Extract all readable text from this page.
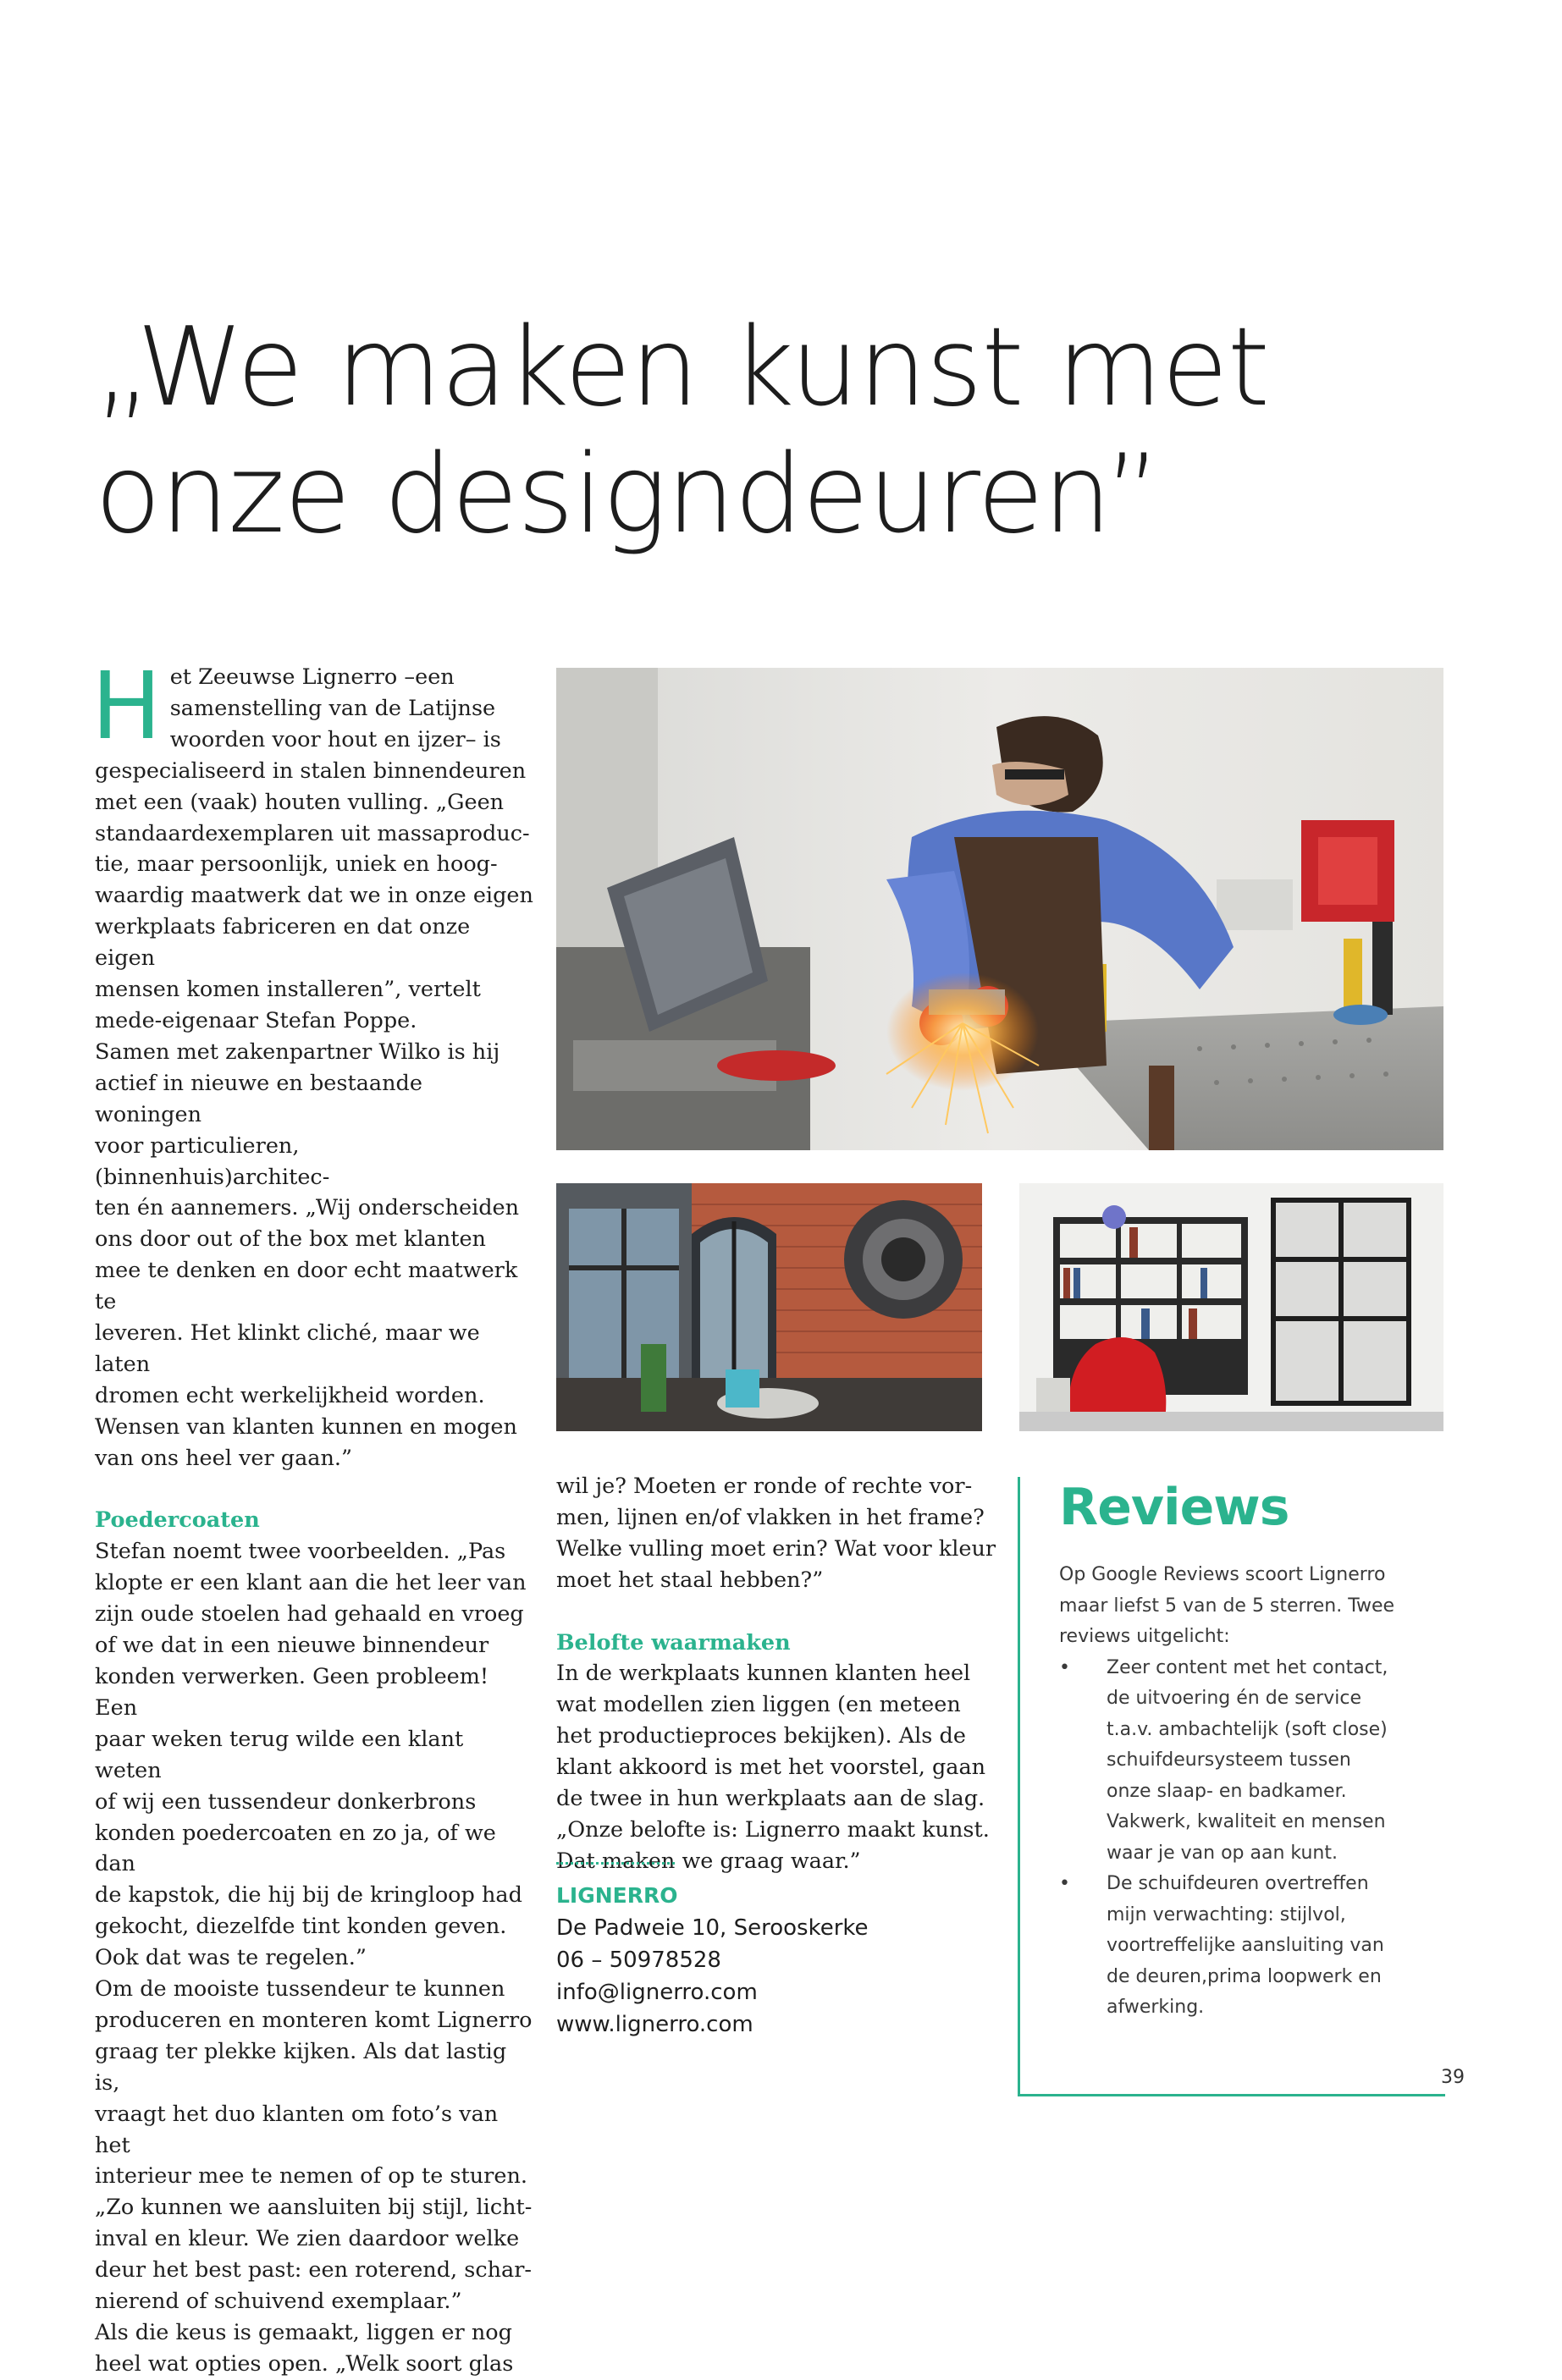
„We maken kunst met
onze designdeuren”
H et Zeeuwse Lignerro –een
samenstelling van de Latijnse
woorden voor hout en ijzer– is
gespecialiseerd in stalen binnendeuren
met een (vaak) houten vulling. „Geen
standaardexemplaren uit massaproduc-
tie, maar persoonlijk, uniek en hoog-
waardig maatwerk dat we in onze eigen
werkplaats fabriceren en dat onze eigen
mensen komen installeren”, vertelt
mede-eigenaar Stefan Poppe.
Samen met zakenpartner Wilko is hij
actief in nieuwe en bestaande woningen
voor particulieren, (binnenhuis)architec-
ten én aannemers. „Wij onderscheiden
ons door out of the box met klanten
mee te denken en door echt maatwerk te
leveren. Het klinkt cliché, maar we laten
dromen echt werkelijkheid worden.
Wensen van klanten kunnen en mogen
van ons heel ver gaan.”

Poedercoaten

Stefan noemt twee voorbeelden. „Pas
klopte er een klant aan die het leer van
zijn oude stoelen had gehaald en vroeg
of we dat in een nieuwe binnendeur
konden verwerken. Geen probleem! Een
paar weken terug wilde een klant weten
of wij een tussendeur donkerbrons
konden poedercoaten en zo ja, of we dan
de kapstok, die hij bij de kringloop had
gekocht, diezelfde tint konden geven.
Ook dat was te regelen.”
Om de mooiste tussendeur te kunnen
produceren en monteren komt Lignerro
graag ter plekke kijken. Als dat lastig is,
vraagt het duo klanten om foto’s van het
interieur mee te nemen of op te sturen.
„Zo kunnen we aansluiten bij stijl, licht-
inval en kleur. We zien daardoor welke
deur het best past: een roterend, schar-
nierend of schuivend exemplaar.”
Als die keus is gemaakt, liggen er nog
heel wat opties open. „Welk soort glas

wil je? Moeten er ronde of rechte vor-
men, lijnen en/of vlakken in het frame?
Welke vulling moet erin? Wat voor kleur
moet het staal hebben?”

Belofte waarmaken

In de werkplaats kunnen klanten heel
wat modellen zien liggen (en meteen
het productieproces bekijken). Als de
klant akkoord is met het voorstel, gaan
de twee in hun werkplaats aan de slag.
„Onze belofte is: Lignerro maakt kunst.
Dat maken we graag waar.”

LIGNERRO
De Padweie 10, Serooskerke
06 – 50978528
info@lignerro.com
www.lignerro.com
Reviews

Op Google Reviews scoort Lignerro
maar liefst 5 van de 5 sterren. Twee
reviews uitgelicht:

•	Zeer content met het contact,
de uitvoering én de service
t.a.v. ambachtelijk (soft close)
schuifdeursysteem tussen
onze slaap- en badkamer.
Vakwerk, kwaliteit en mensen
waar je van op aan kunt.
•	De schuifdeuren overtreffen
mijn verwachting: stijlvol,
voortreffelijke aansluiting van
de deuren,prima loopwerk en
afwerking.
39
